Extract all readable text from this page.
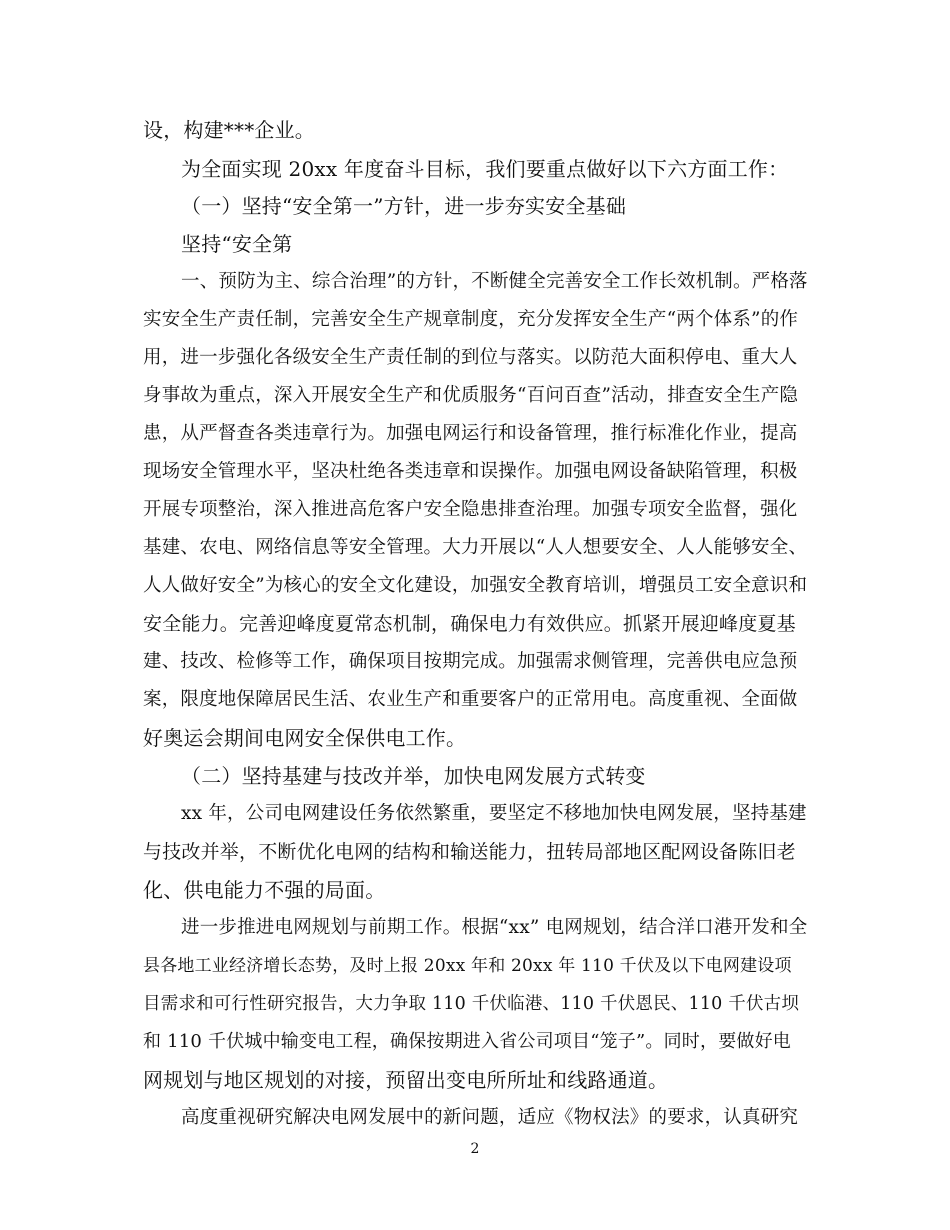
设，构建***企业。
为全面实现 20xx 年度奋斗目标，我们要重点做好以下六方面工作：
（一）坚持“安全第一”方针，进一步夯实安全基础
坚持“安全第
一、预防为主、综合治理”的方针，不断健全完善安全工作长效机制。严格落
实安全生产责任制，完善安全生产规章制度，充分发挥安全生产“两个体系”的作
用，进一步强化各级安全生产责任制的到位与落实。以防范大面积停电、重大人
身事故为重点，深入开展安全生产和优质服务“百问百查”活动，排查安全生产隐
患，从严督查各类违章行为。加强电网运行和设备管理，推行标准化作业，提高
现场安全管理水平，坚决杜绝各类违章和误操作。加强电网设备缺陷管理，积极
开展专项整治，深入推进高危客户安全隐患排查治理。加强专项安全监督，强化
基建、农电、网络信息等安全管理。大力开展以“人人想要安全、人人能够安全、
人人做好安全”为核心的安全文化建设，加强安全教育培训，增强员工安全意识和
安全能力。完善迎峰度夏常态机制，确保电力有效供应。抓紧开展迎峰度夏基
建、技改、检修等工作，确保项目按期完成。加强需求侧管理，完善供电应急预
案，限度地保障居民生活、农业生产和重要客户的正常用电。高度重视、全面做
好奥运会期间电网安全保供电工作。
（二）坚持基建与技改并举，加快电网发展方式转变
xx 年，公司电网建设任务依然繁重，要坚定不移地加快电网发展，坚持基建
与技改并举，不断优化电网的结构和输送能力，扭转局部地区配网设备陈旧老
化、供电能力不强的局面。
进一步推进电网规划与前期工作。根据“xx” 电网规划，结合洋口港开发和全
县各地工业经济增长态势，及时上报 20xx 年和 20xx 年 110 千伏及以下电网建设项
目需求和可行性研究报告，大力争取 110 千伏临港、110 千伏恩民、110 千伏古坝
和 110 千伏城中输变电工程，确保按期进入省公司项目“笼子”。同时，要做好电
网规划与地区规划的对接，预留出变电所所址和线路通道。
高度重视研究解决电网发展中的新问题，适应《物权法》的要求，认真研究
2
